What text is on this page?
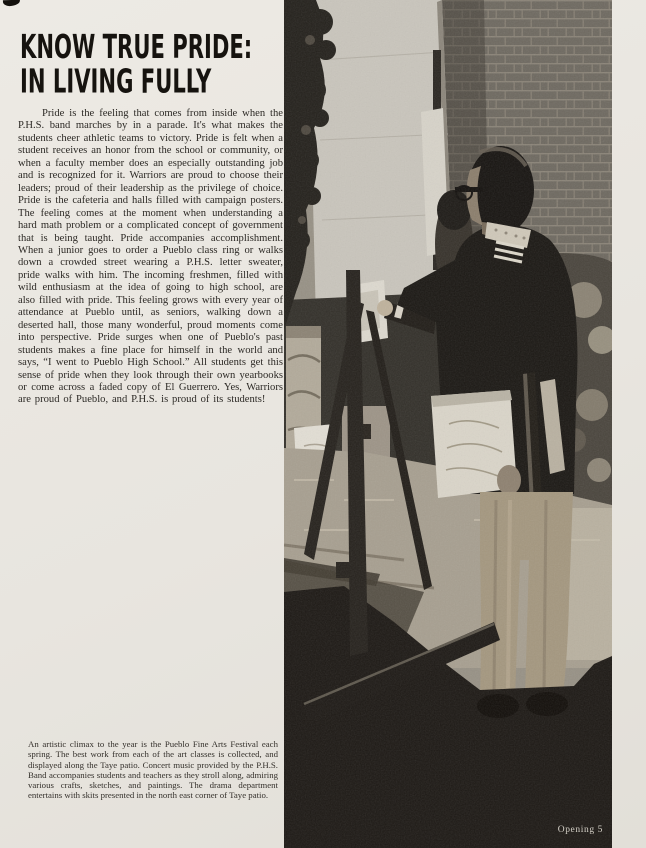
KNOW TRUE PRIDE:
IN LIVING FULLY

Pride is the feeling that comes from inside when the P.H.S. band marches by in a parade. It's what makes the students cheer athletic teams to victory. Pride is felt when a student receives an honor from the school or community, or when a faculty member does an especially outstanding job and is recognized for it. Warriors are proud to choose their leaders; proud of their leadership as the privilege of choice. Pride is the cafeteria and halls filled with campaign posters. The feeling comes at the moment when understanding a hard math problem or a complicated concept of government that is being taught. Pride accompanies accomplishment. When a junior goes to order a Pueblo class ring or walks down a crowded street wearing a P.H.S. letter sweater, pride walks with him. The incoming freshmen, filled with wild enthusiasm at the idea of going to high school, are also filled with pride. This feeling grows with every year of attendance at Pueblo until, as seniors, walking down a deserted hall, those many wonderful, proud moments come into perspective. Pride surges when one of Pueblo's past students makes a fine place for himself in the world and says, “I went to Pueblo High School.” All students get this sense of pride when they look through their own yearbooks or come across a faded copy of El Guerrero. Yes, Warriors are proud of Pueblo, and P.H.S. is proud of its students!

Opening 5

An artistic climax to the year is the Pueblo Fine Arts Festival each spring. The best work from each of the art classes is collected, and displayed along the Taye patio. Concert music provided by the P.H.S. Band accompanies students and teachers as they stroll along, admiring various crafts, sketches, and paintings. The drama department entertains with skits presented in the north east corner of Taye patio.
